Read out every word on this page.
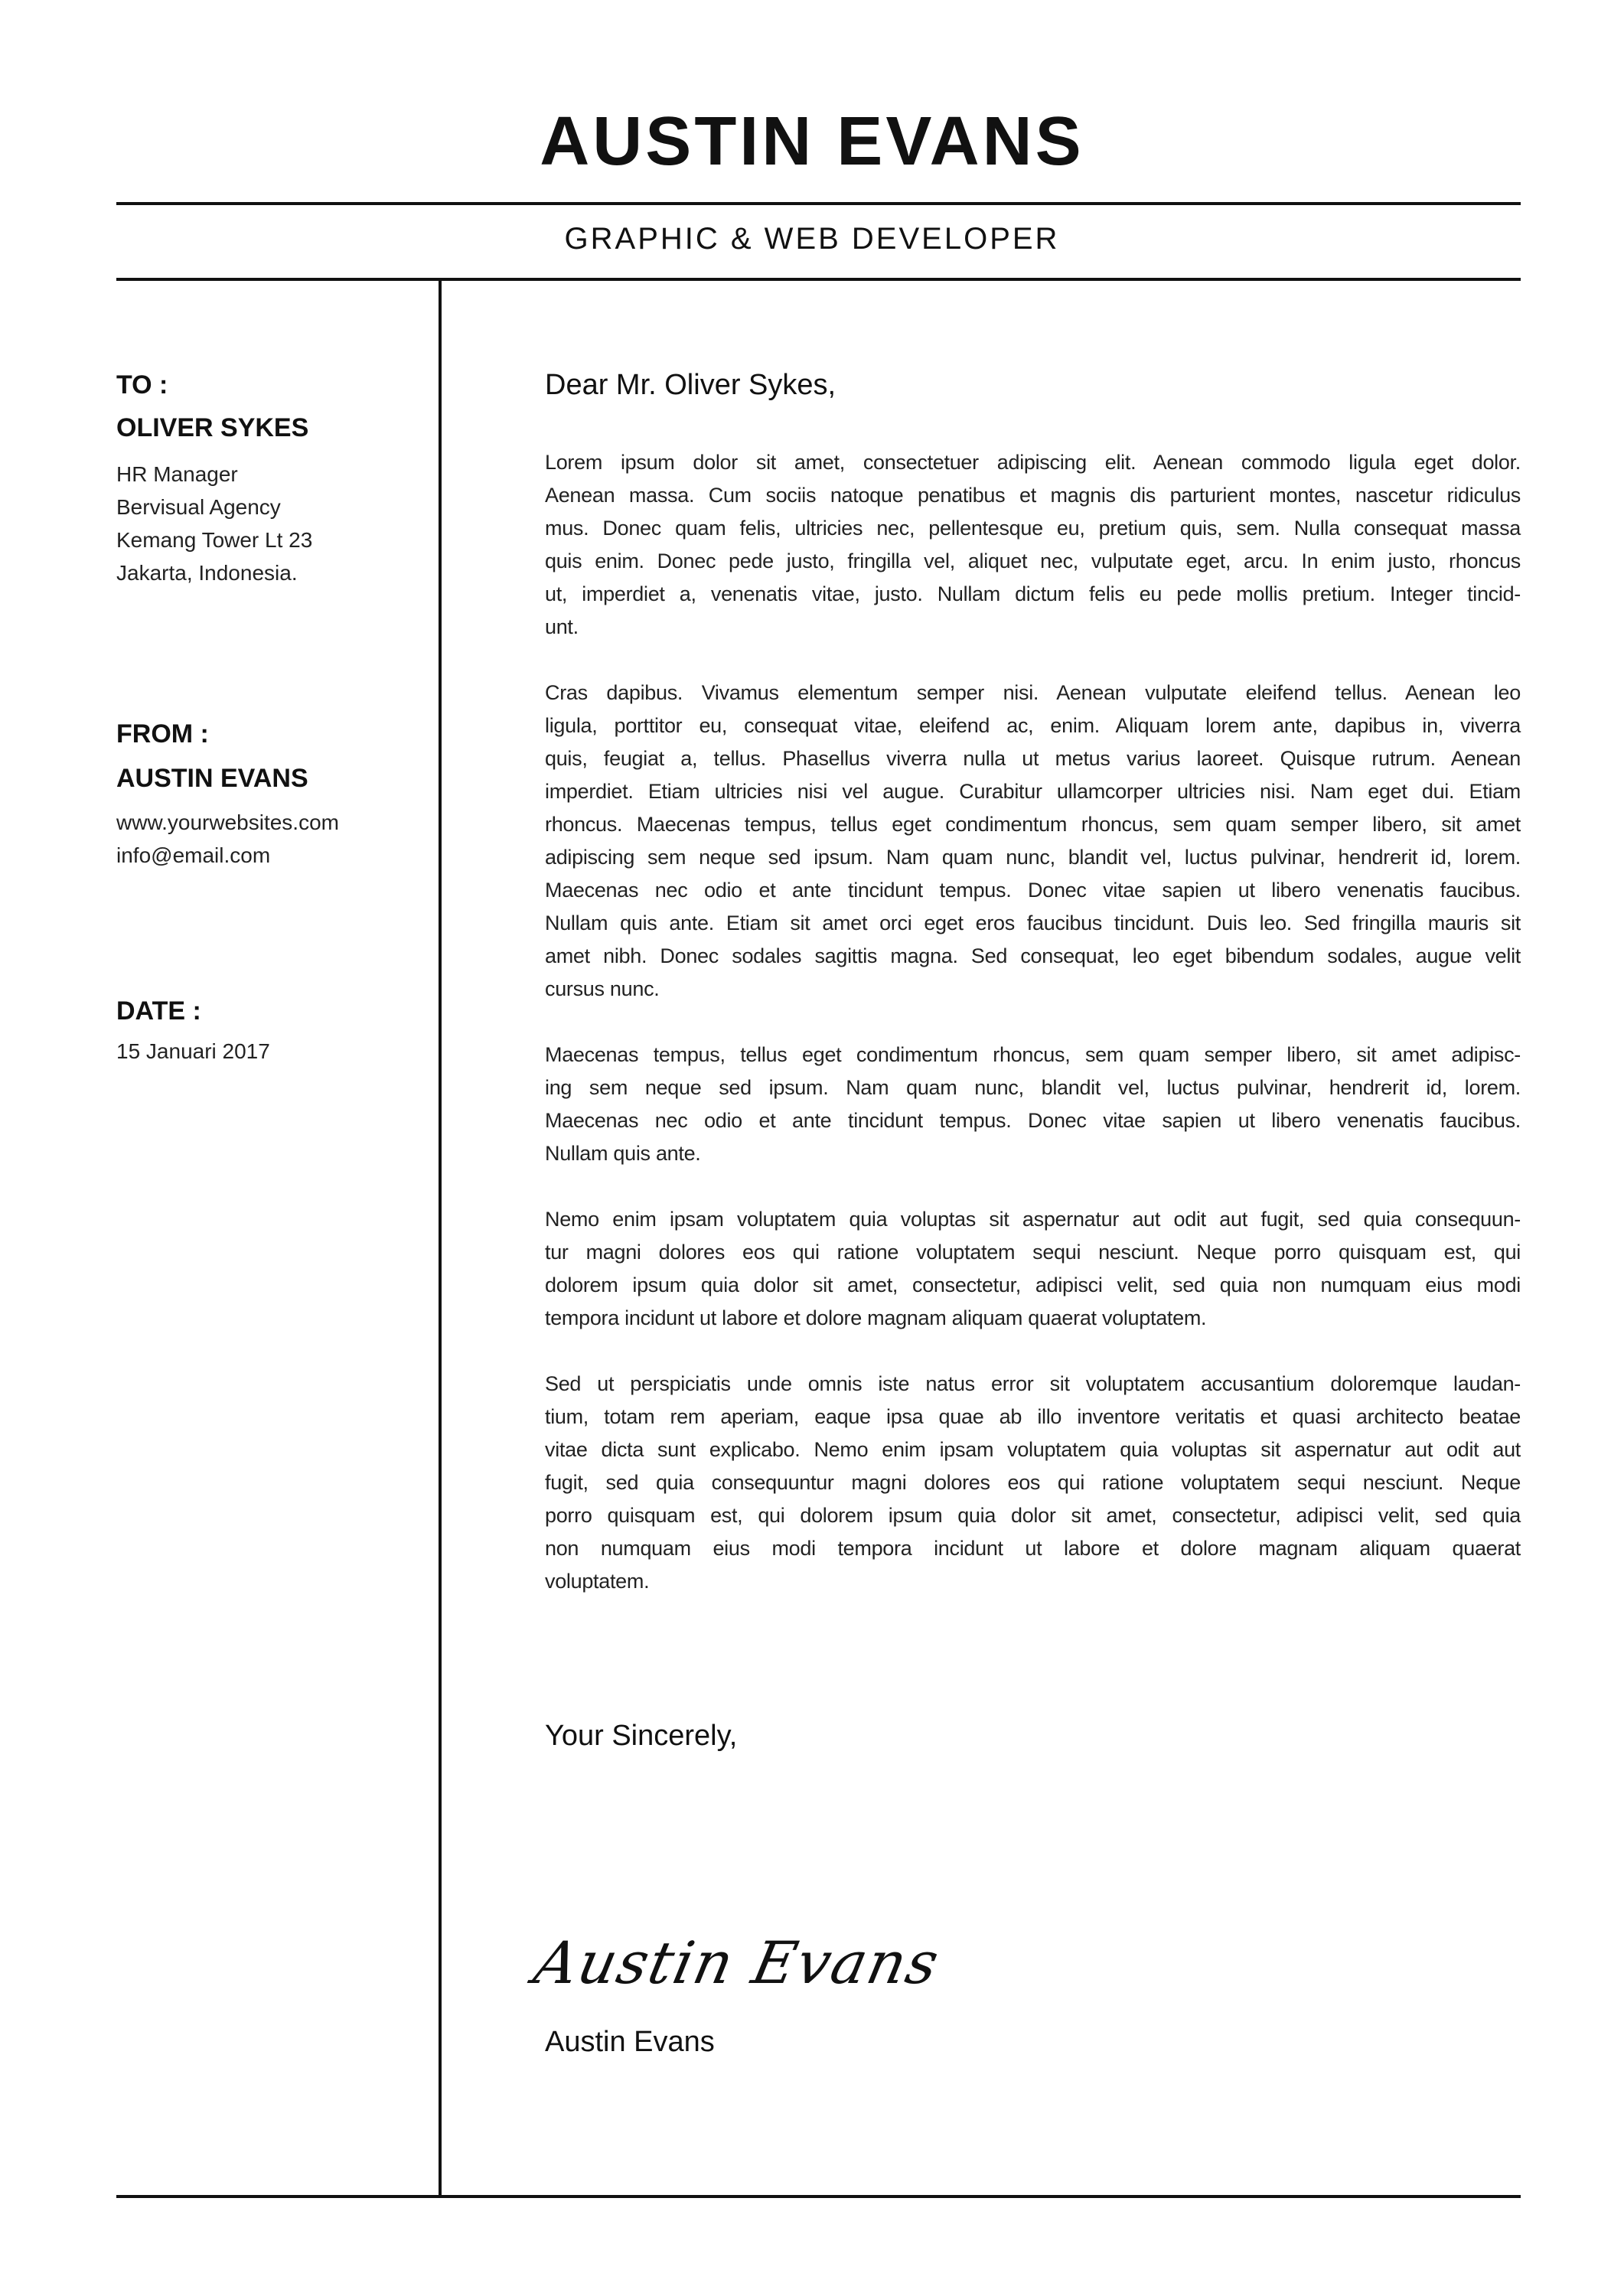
AUSTIN EVANS
GRAPHIC & WEB DEVELOPER
TO :
OLIVER SYKES
HR Manager
Bervisual Agency
Kemang Tower Lt 23
Jakarta, Indonesia.
FROM :
AUSTIN EVANS
www.yourwebsites.com
info@email.com
DATE :
15 Januari 2017
Dear Mr. Oliver Sykes,
Lorem ipsum dolor sit amet, consectetuer adipiscing elit. Aenean commodo ligula eget dolor.
Aenean massa. Cum sociis natoque penatibus et magnis dis parturient montes, nascetur ridiculus
mus. Donec quam felis, ultricies nec, pellentesque eu, pretium quis, sem. Nulla consequat massa
quis enim. Donec pede justo, fringilla vel, aliquet nec, vulputate eget, arcu. In enim justo, rhoncus
ut, imperdiet a, venenatis vitae, justo. Nullam dictum felis eu pede mollis pretium. Integer tincid-
unt.
Cras dapibus. Vivamus elementum semper nisi. Aenean vulputate eleifend tellus. Aenean leo
ligula, porttitor eu, consequat vitae, eleifend ac, enim. Aliquam lorem ante, dapibus in, viverra
quis, feugiat a, tellus. Phasellus viverra nulla ut metus varius laoreet. Quisque rutrum. Aenean
imperdiet. Etiam ultricies nisi vel augue. Curabitur ullamcorper ultricies nisi. Nam eget dui. Etiam
rhoncus. Maecenas tempus, tellus eget condimentum rhoncus, sem quam semper libero, sit amet
adipiscing sem neque sed ipsum. Nam quam nunc, blandit vel, luctus pulvinar, hendrerit id, lorem.
Maecenas nec odio et ante tincidunt tempus. Donec vitae sapien ut libero venenatis faucibus.
Nullam quis ante. Etiam sit amet orci eget eros faucibus tincidunt. Duis leo. Sed fringilla mauris sit
amet nibh. Donec sodales sagittis magna. Sed consequat, leo eget bibendum sodales, augue velit
cursus nunc.
Maecenas tempus, tellus eget condimentum rhoncus, sem quam semper libero, sit amet adipisc-
ing sem neque sed ipsum. Nam quam nunc, blandit vel, luctus pulvinar, hendrerit id, lorem.
Maecenas nec odio et ante tincidunt tempus. Donec vitae sapien ut libero venenatis faucibus.
Nullam quis ante.
Nemo enim ipsam voluptatem quia voluptas sit aspernatur aut odit aut fugit, sed quia consequun-
tur magni dolores eos qui ratione voluptatem sequi nesciunt. Neque porro quisquam est, qui
dolorem ipsum quia dolor sit amet, consectetur, adipisci velit, sed quia non numquam eius modi
tempora incidunt ut labore et dolore magnam aliquam quaerat voluptatem.
Sed ut perspiciatis unde omnis iste natus error sit voluptatem accusantium doloremque laudan-
tium, totam rem aperiam, eaque ipsa quae ab illo inventore veritatis et quasi architecto beatae
vitae dicta sunt explicabo. Nemo enim ipsam voluptatem quia voluptas sit aspernatur aut odit aut
fugit, sed quia consequuntur magni dolores eos qui ratione voluptatem sequi nesciunt. Neque
porro quisquam est, qui dolorem ipsum quia dolor sit amet, consectetur, adipisci velit, sed quia
non numquam eius modi tempora incidunt ut labore et dolore magnam aliquam quaerat
voluptatem.
Your Sincerely,
Austin Evans
Austin Evans
